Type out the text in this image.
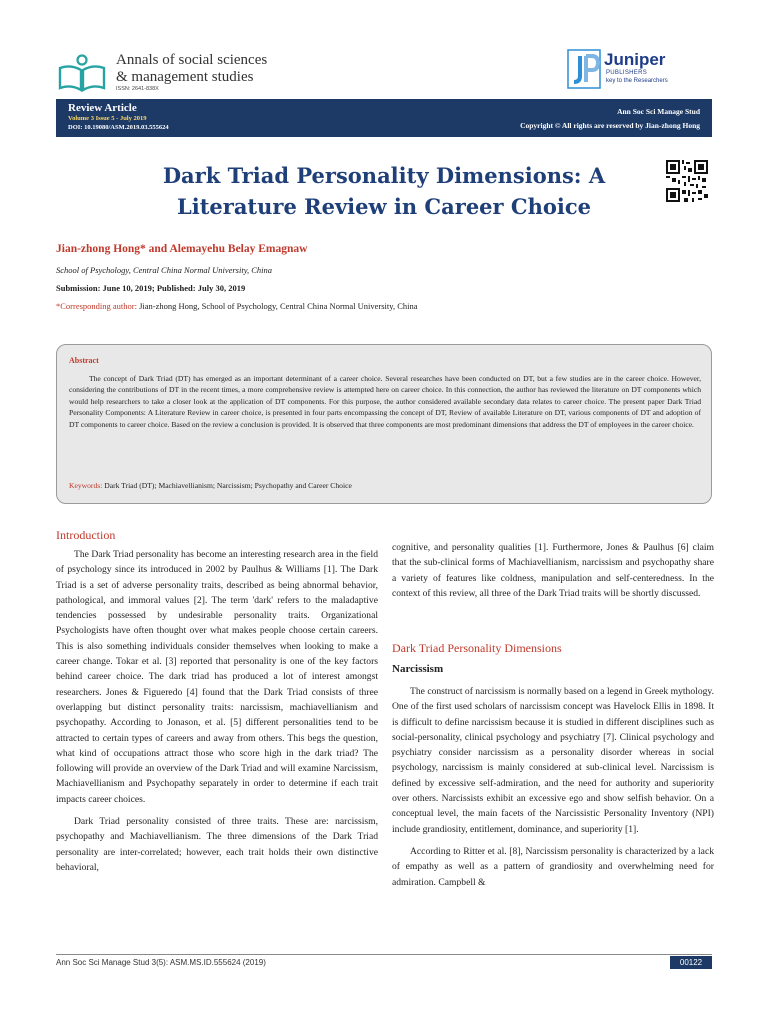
Annals of social sciences
& management studies
ISSN: 2641-838X
Juniper
PUBLISHERS
key to the Researchers
Review Article
Volume 3 Issue 5 - July 2019
DOI: 10.19080/ASM.2019.03.555624
Ann Soc Sci Manage Stud
Copyright © All rights are reserved by Jian-zhong Hong
Dark Triad Personality Dimensions: A
Literature Review in Career Choice
Jian-zhong Hong* and Alemayehu Belay Emagnaw
School of Psychology, Central China Normal University, China
Submission: June 10, 2019; Published: July 30, 2019
*Corresponding author: Jian-zhong Hong, School of Psychology, Central China Normal University, China
Abstract
The concept of Dark Triad (DT) has emerged as an important determinant of a career choice. Several researches have been conducted on DT, but a few studies are in the career choice. However, considering the contributions of DT in the recent times, a more comprehensive review is attempted here on career choice. In this connection, the author has reviewed the literature on DT components which would help researchers to take a closer look at the application of DT components. For this purpose, the author considered available secondary data relates to career choice. The present paper Dark Triad Personality Components: A Literature Review in career choice, is presented in four parts encompassing the concept of DT, Review of available Literature on DT, various components of DT and adoption of DT components to career choice. Based on the review a conclusion is provided. It is observed that three components are most predominant dimensions that address the DT of employees in the career choice.
Keywords: Dark Triad (DT); Machiavellianism; Narcissism; Psychopathy and Career Choice
Introduction

The Dark Triad personality has become an interesting research area in the field of psychology since its introduced in 2002 by Paulhus & Williams [1]. The Dark Triad is a set of adverse personality traits, described as being abnormal behavior, pathological, and immoral values [2]. The term 'dark' refers to the maladaptive tendencies possessed by undesirable personality traits. Organizational Psychologists have often thought over what makes people choose certain careers. This is also something individuals consider themselves when looking to make a career change. Tokar et al. [3] reported that personality is one of the key factors behind career choice. The dark triad has produced a lot of interest amongst researchers. Jones & Figueredo [4] found that the Dark Triad consists of three overlapping but distinct personality traits: narcissism, machiavellianism and psychopathy. According to Jonason, et al. [5] different personalities tend to be attracted to certain types of careers and away from others. This begs the question, what kind of occupations attract those who score high in the dark triad? The following will provide an overview of the Dark Triad and will examine Narcissism, Machiavellianism and Psychopathy separately in order to determine if each trait impacts career choices.

Dark Triad personality consisted of three traits. These are: narcissism, psychopathy and Machiavellianism. The three dimensions of the Dark Triad personality are inter-correlated; however, each trait holds their own distinctive behavioral,

cognitive, and personality qualities [1]. Furthermore, Jones & Paulhus [6] claim that the sub-clinical forms of Machiavellianism, narcissism and psychopathy share a variety of features like coldness, manipulation and self-centeredness. In the context of this review, all three of the Dark Triad traits will be shortly discussed.

Dark Triad Personality Dimensions
Narcissism

The construct of narcissism is normally based on a legend in Greek mythology. One of the first used scholars of narcissism concept was Havelock Ellis in 1898. It is difficult to define narcissism because it is studied in different disciplines such as social-personality, clinical psychology and psychiatry [7]. Clinical psychology and psychiatry consider narcissism as a personality disorder whereas in social psychology, narcissism is mainly considered at sub-clinical level. Narcissism is defined by excessive self-admiration, and the need for authority and superiority over others. Narcissists exhibit an excessive ego and show selfish behavior. On a conceptual level, the main facets of the Narcissistic Personality Inventory (NPI) include grandiosity, entitlement, dominance, and superiority [1].

According to Ritter et al. [8], Narcissism personality is characterized by a lack of empathy as well as a pattern of grandiosity and overwhelming need for admiration. Campbell &

Ann Soc Sci Manage Stud 3(5): ASM.MS.ID.555624 (2019)	00122
